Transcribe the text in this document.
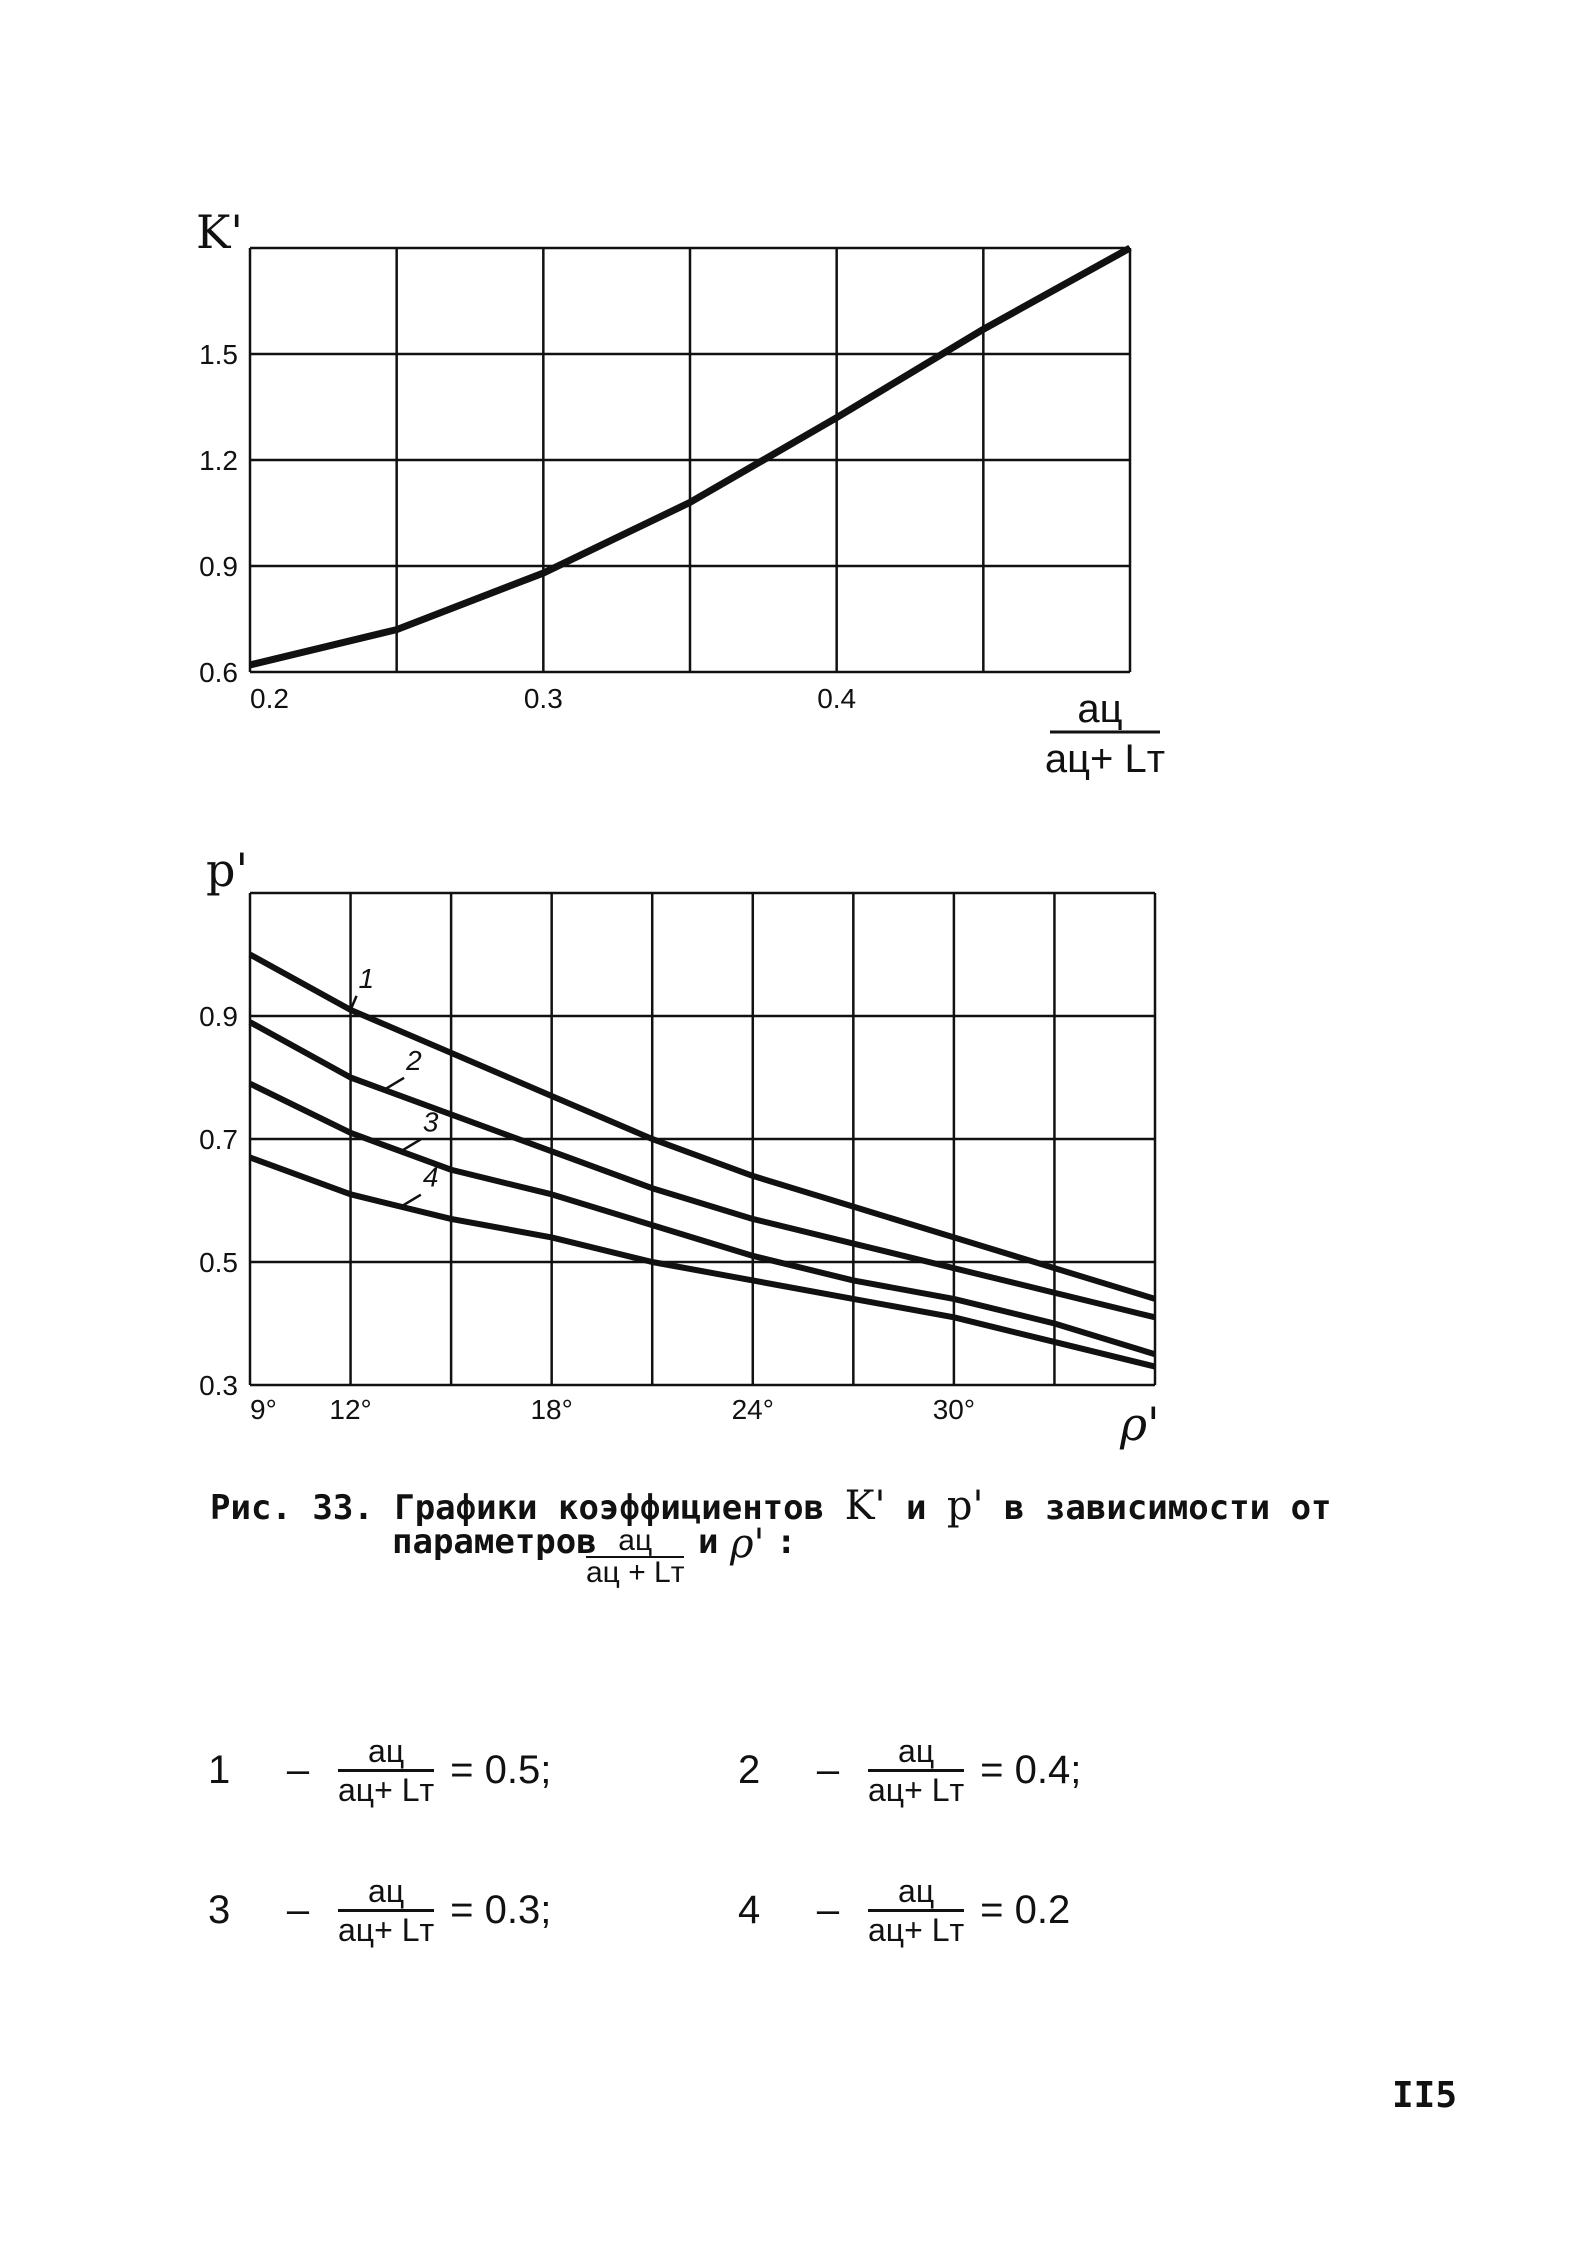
0.2	0.3	0.4
0.6
0.9
1.2
1.5
K'
aц
aц+ Lт
9° 12°	18°	24°	30°
0.3
0.5
0.7
0.9
1
2
3
4
p'
ρ'
Рис. 33. Графики коэффициентов K' и p' в зависимости от
параметров aц
aц + Lт
и ρ' :
1	– $\frac{aц}{aц+ Lт} = 0.5$;	2	– $\frac{aц}{aц+ Lт} = 0.4$;
3	– $\frac{aц}{aц+ Lт} = 0.3$;	4	– $\frac{aц}{aц+ Lт} = 0.2$
II5
